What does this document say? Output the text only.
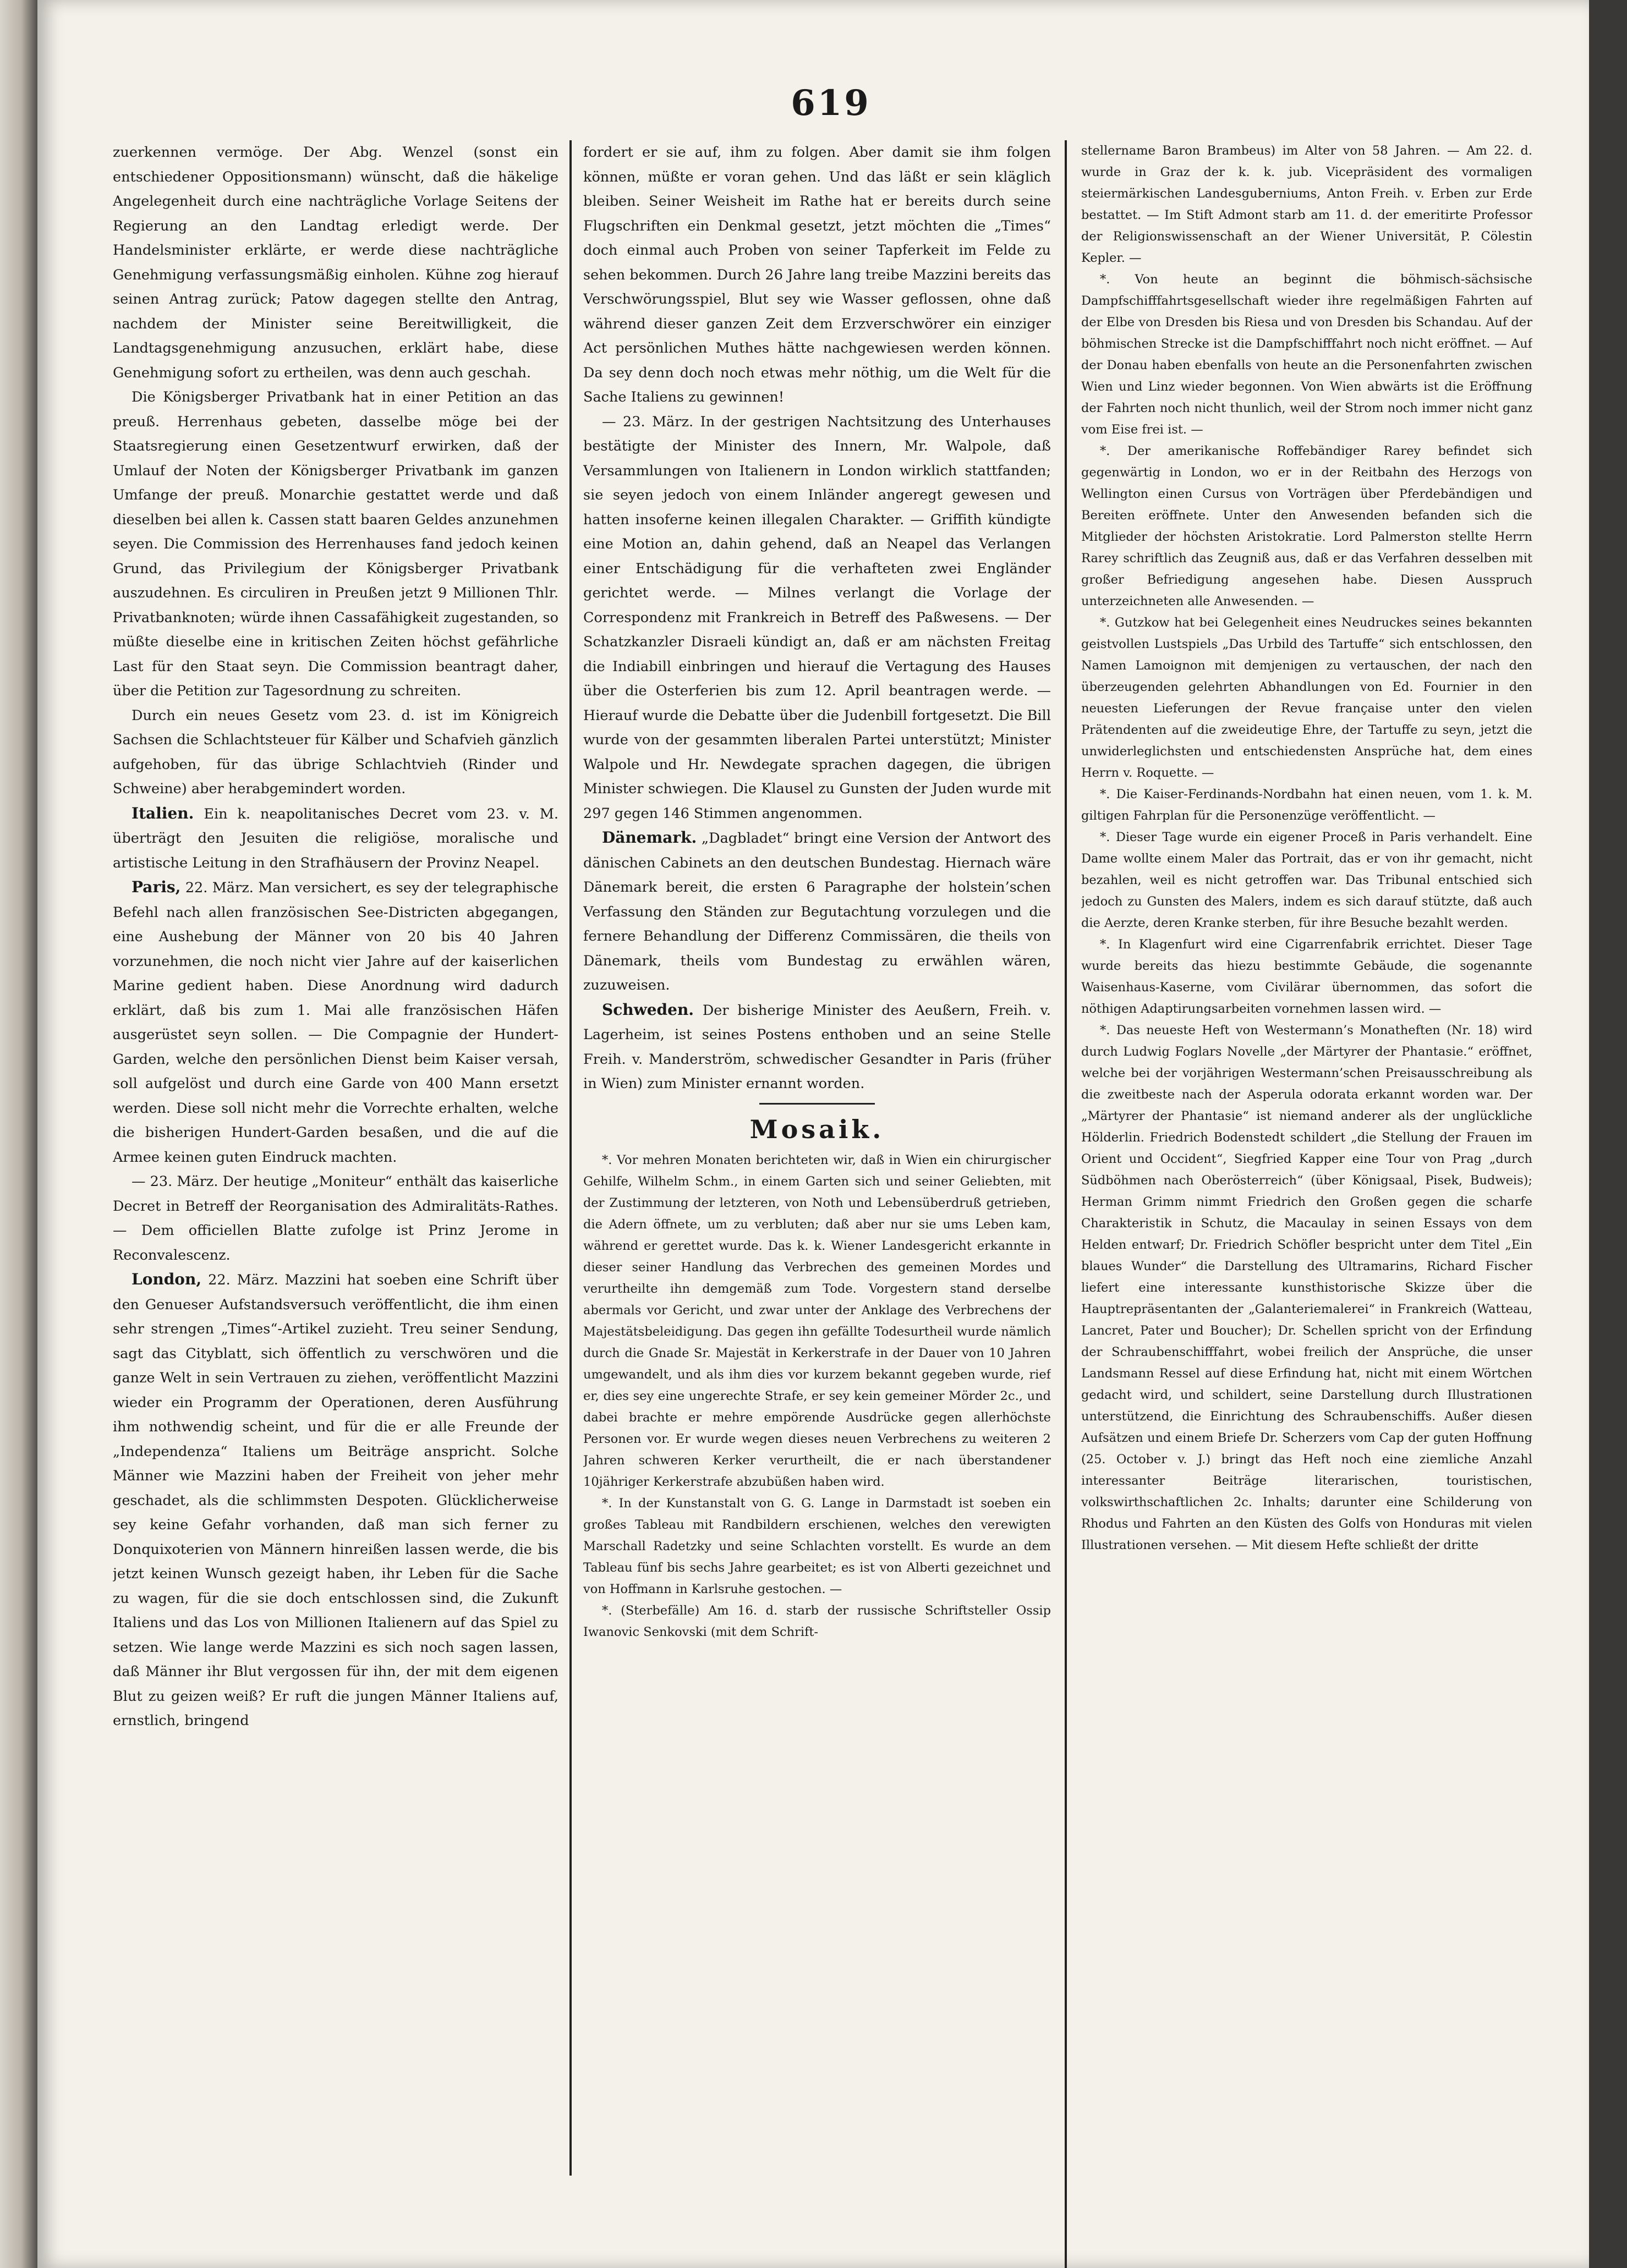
619

zuerkennen vermöge. Der Abg. Wenzel (sonst ein entschiedener Oppositionsmann) wünscht, daß die häkelige Angelegenheit durch eine nachträgliche Vorlage Seitens der Regierung an den Landtag erledigt werde. Der Handelsminister erklärte, er werde diese nachträgliche Genehmigung verfassungsmäßig einholen. Kühne zog hierauf seinen Antrag zurück; Patow dagegen stellte den Antrag, nachdem der Minister seine Bereitwilligkeit, die Landtagsgenehmigung anzusuchen, erklärt habe, diese Genehmigung sofort zu ertheilen, was denn auch geschah.

Die Königsberger Privatbank hat in einer Petition an das preuß. Herrenhaus gebeten, dasselbe möge bei der Staatsregierung einen Gesetzentwurf erwirken, daß der Umlauf der Noten der Königsberger Privatbank im ganzen Umfange der preuß. Monarchie gestattet werde und daß dieselben bei allen k. Cassen statt baaren Geldes anzunehmen seyen. Die Commission des Herrenhauses fand jedoch keinen Grund, das Privilegium der Königsberger Privatbank auszudehnen. Es circuliren in Preußen jetzt 9 Millionen Thlr. Privatbanknoten; würde ihnen Cassafähigkeit zugestanden, so müßte dieselbe eine in kritischen Zeiten höchst gefährliche Last für den Staat seyn. Die Commission beantragt daher, über die Petition zur Tagesordnung zu schreiten.

Durch ein neues Gesetz vom 23. d. ist im Königreich Sachsen die Schlachtsteuer für Kälber und Schafvieh gänzlich aufgehoben, für das übrige Schlachtvieh (Rinder und Schweine) aber herabgemindert worden.

Italien. Ein k. neapolitanisches Decret vom 23. v. M. überträgt den Jesuiten die religiöse, moralische und artistische Leitung in den Strafhäusern der Provinz Neapel.

Paris, 22. März. Man versichert, es sey der telegraphische Befehl nach allen französischen See-Districten abgegangen, eine Aushebung der Männer von 20 bis 40 Jahren vorzunehmen, die noch nicht vier Jahre auf der kaiserlichen Marine gedient haben. Diese Anordnung wird dadurch erklärt, daß bis zum 1. Mai alle französischen Häfen ausgerüstet seyn sollen. — Die Compagnie der Hundert-Garden, welche den persönlichen Dienst beim Kaiser versah, soll aufgelöst und durch eine Garde von 400 Mann ersetzt werden. Diese soll nicht mehr die Vorrechte erhalten, welche die bisherigen Hundert-Garden besaßen, und die auf die Armee keinen guten Eindruck machten.

— 23. März. Der heutige „Moniteur“ enthält das kaiserliche Decret in Betreff der Reorganisation des Admiralitäts-Rathes. — Dem officiellen Blatte zufolge ist Prinz Jerome in Reconvalescenz.

London, 22. März. Mazzini hat soeben eine Schrift über den Genueser Aufstandsversuch veröffentlicht, die ihm einen sehr strengen „Times“-Artikel zuzieht. Treu seiner Sendung, sagt das Cityblatt, sich öffentlich zu verschwören und die ganze Welt in sein Vertrauen zu ziehen, veröffentlicht Mazzini wieder ein Programm der Operationen, deren Ausführung ihm nothwendig scheint, und für die er alle Freunde der „Independenza“ Italiens um Beiträge anspricht. Solche Männer wie Mazzini haben der Freiheit von jeher mehr geschadet, als die schlimmsten Despoten. Glücklicherweise sey keine Gefahr vorhanden, daß man sich ferner zu Donquixoterien von Männern hinreißen lassen werde, die bis jetzt keinen Wunsch gezeigt haben, ihr Leben für die Sache zu wagen, für die sie doch entschlossen sind, die Zukunft Italiens und das Los von Millionen Italienern auf das Spiel zu setzen. Wie lange werde Mazzini es sich noch sagen lassen, daß Männer ihr Blut vergossen für ihn, der mit dem eigenen Blut zu geizen weiß? Er ruft die jungen Männer Italiens auf, ernstlich, bringend

fordert er sie auf, ihm zu folgen. Aber damit sie ihm folgen können, müßte er voran gehen. Und das läßt er sein kläglich bleiben. Seiner Weisheit im Rathe hat er bereits durch seine Flugschriften ein Denkmal gesetzt, jetzt möchten die „Times“ doch einmal auch Proben von seiner Tapferkeit im Felde zu sehen bekommen. Durch 26 Jahre lang treibe Mazzini bereits das Verschwörungsspiel, Blut sey wie Wasser geflossen, ohne daß während dieser ganzen Zeit dem Erzverschwörer ein einziger Act persönlichen Muthes hätte nachgewiesen werden können. Da sey denn doch noch etwas mehr nöthig, um die Welt für die Sache Italiens zu gewinnen!

— 23. März. In der gestrigen Nachtsitzung des Unterhauses bestätigte der Minister des Innern, Mr. Walpole, daß Versammlungen von Italienern in London wirklich stattfanden; sie seyen jedoch von einem Inländer angeregt gewesen und hatten insoferne keinen illegalen Charakter. — Griffith kündigte eine Motion an, dahin gehend, daß an Neapel das Verlangen einer Entschädigung für die verhafteten zwei Engländer gerichtet werde. — Milnes verlangt die Vorlage der Correspondenz mit Frankreich in Betreff des Paßwesens. — Der Schatzkanzler Disraeli kündigt an, daß er am nächsten Freitag die Indiabill einbringen und hierauf die Vertagung des Hauses über die Osterferien bis zum 12. April beantragen werde. — Hierauf wurde die Debatte über die Judenbill fortgesetzt. Die Bill wurde von der gesammten liberalen Partei unterstützt; Minister Walpole und Hr. Newdegate sprachen dagegen, die übrigen Minister schwiegen. Die Klausel zu Gunsten der Juden wurde mit 297 gegen 146 Stimmen angenommen.

Dänemark. „Dagbladet“ bringt eine Version der Antwort des dänischen Cabinets an den deutschen Bundestag. Hiernach wäre Dänemark bereit, die ersten 6 Paragraphe der holstein’schen Verfassung den Ständen zur Begutachtung vorzulegen und die fernere Behandlung der Differenz Commissären, die theils von Dänemark, theils vom Bundestag zu erwählen wären, zuzuweisen.

Schweden. Der bisherige Minister des Aeußern, Freih. v. Lagerheim, ist seines Postens enthoben und an seine Stelle Freih. v. Manderström, schwedischer Gesandter in Paris (früher in Wien) zum Minister ernannt worden.

Mosaik.

*. Vor mehren Monaten berichteten wir, daß in Wien ein chirurgischer Gehilfe, Wilhelm Schm., in einem Garten sich und seiner Geliebten, mit der Zustimmung der letzteren, von Noth und Lebensüberdruß getrieben, die Adern öffnete, um zu verbluten; daß aber nur sie ums Leben kam, während er gerettet wurde. Das k. k. Wiener Landesgericht erkannte in dieser seiner Handlung das Verbrechen des gemeinen Mordes und verurtheilte ihn demgemäß zum Tode. Vorgestern stand derselbe abermals vor Gericht, und zwar unter der Anklage des Verbrechens der Majestätsbeleidigung. Das gegen ihn gefällte Todesurtheil wurde nämlich durch die Gnade Sr. Majestät in Kerkerstrafe in der Dauer von 10 Jahren umgewandelt, und als ihm dies vor kurzem bekannt gegeben wurde, rief er, dies sey eine ungerechte Strafe, er sey kein gemeiner Mörder 2c., und dabei brachte er mehre empörende Ausdrücke gegen allerhöchste Personen vor. Er wurde wegen dieses neuen Verbrechens zu weiteren 2 Jahren schweren Kerker verurtheilt, die er nach überstandener 10jähriger Kerkerstrafe abzubüßen haben wird.

*. In der Kunstanstalt von G. G. Lange in Darmstadt ist soeben ein großes Tableau mit Randbildern erschienen, welches den verewigten Marschall Radetzky und seine Schlachten vorstellt. Es wurde an dem Tableau fünf bis sechs Jahre gearbeitet; es ist von Alberti gezeichnet und von Hoffmann in Karlsruhe gestochen. —

*. (Sterbefälle) Am 16. d. starb der russische Schriftsteller Ossip Iwanovic Senkovski (mit dem Schrift-

stellername Baron Brambeus) im Alter von 58 Jahren. — Am 22. d. wurde in Graz der k. k. jub. Vicepräsident des vormaligen steiermärkischen Landesguberniums, Anton Freih. v. Erben zur Erde bestattet. — Im Stift Admont starb am 11. d. der emeritirte Professor der Religionswissenschaft an der Wiener Universität, P. Cölestin Kepler. —

*. Von heute an beginnt die böhmisch-sächsische Dampfschifffahrtsgesellschaft wieder ihre regelmäßigen Fahrten auf der Elbe von Dresden bis Riesa und von Dresden bis Schandau. Auf der böhmischen Strecke ist die Dampfschifffahrt noch nicht eröffnet. — Auf der Donau haben ebenfalls von heute an die Personenfahrten zwischen Wien und Linz wieder begonnen. Von Wien abwärts ist die Eröffnung der Fahrten noch nicht thunlich, weil der Strom noch immer nicht ganz vom Eise frei ist. —

*. Der amerikanische Roffebändiger Rarey befindet sich gegenwärtig in London, wo er in der Reitbahn des Herzogs von Wellington einen Cursus von Vorträgen über Pferdebändigen und Bereiten eröffnete. Unter den Anwesenden befanden sich die Mitglieder der höchsten Aristokratie. Lord Palmerston stellte Herrn Rarey schriftlich das Zeugniß aus, daß er das Verfahren desselben mit großer Befriedigung angesehen habe. Diesen Ausspruch unterzeichneten alle Anwesenden. —

*. Gutzkow hat bei Gelegenheit eines Neudruckes seines bekannten geistvollen Lustspiels „Das Urbild des Tartuffe“ sich entschlossen, den Namen Lamoignon mit demjenigen zu vertauschen, der nach den überzeugenden gelehrten Abhandlungen von Ed. Fournier in den neuesten Lieferungen der Revue française unter den vielen Prätendenten auf die zweideutige Ehre, der Tartuffe zu seyn, jetzt die unwiderleglichsten und entschiedensten Ansprüche hat, dem eines Herrn v. Roquette. —

*. Die Kaiser-Ferdinands-Nordbahn hat einen neuen, vom 1. k. M. giltigen Fahrplan für die Personenzüge veröffentlicht. —

*. Dieser Tage wurde ein eigener Proceß in Paris verhandelt. Eine Dame wollte einem Maler das Portrait, das er von ihr gemacht, nicht bezahlen, weil es nicht getroffen war. Das Tribunal entschied sich jedoch zu Gunsten des Malers, indem es sich darauf stützte, daß auch die Aerzte, deren Kranke sterben, für ihre Besuche bezahlt werden.

*. In Klagenfurt wird eine Cigarrenfabrik errichtet. Dieser Tage wurde bereits das hiezu bestimmte Gebäude, die sogenannte Waisenhaus-Kaserne, vom Civilärar übernommen, das sofort die nöthigen Adaptirungsarbeiten vornehmen lassen wird. —

*. Das neueste Heft von Westermann’s Monatheften (Nr. 18) wird durch Ludwig Foglars Novelle „der Märtyrer der Phantasie.“ eröffnet, welche bei der vorjährigen Westermann’schen Preisausschreibung als die zweitbeste nach der Asperula odorata erkannt worden war. Der „Märtyrer der Phantasie“ ist niemand anderer als der unglückliche Hölderlin. Friedrich Bodenstedt schildert „die Stellung der Frauen im Orient und Occident“, Siegfried Kapper eine Tour von Prag „durch Südböhmen nach Oberösterreich“ (über Königsaal, Pisek, Budweis); Herman Grimm nimmt Friedrich den Großen gegen die scharfe Charakteristik in Schutz, die Macaulay in seinen Essays von dem Helden entwarf; Dr. Friedrich Schöfler bespricht unter dem Titel „Ein blaues Wunder“ die Darstellung des Ultramarins, Richard Fischer liefert eine interessante kunsthistorische Skizze über die Hauptrepräsentanten der „Galanteriemalerei“ in Frankreich (Watteau, Lancret, Pater und Boucher); Dr. Schellen spricht von der Erfindung der Schraubenschifffahrt, wobei freilich der Ansprüche, die unser Landsmann Ressel auf diese Erfindung hat, nicht mit einem Wörtchen gedacht wird, und schildert, seine Darstellung durch Illustrationen unterstützend, die Einrichtung des Schraubenschiffs. Außer diesen Aufsätzen und einem Briefe Dr. Scherzers vom Cap der guten Hoffnung (25. October v. J.) bringt das Heft noch eine ziemliche Anzahl interessanter Beiträge literarischen, touristischen, volkswirthschaftlichen 2c. Inhalts; darunter eine Schilderung von Rhodus und Fahrten an den Küsten des Golfs von Honduras mit vielen Illustrationen versehen. — Mit diesem Hefte schließt der dritte
